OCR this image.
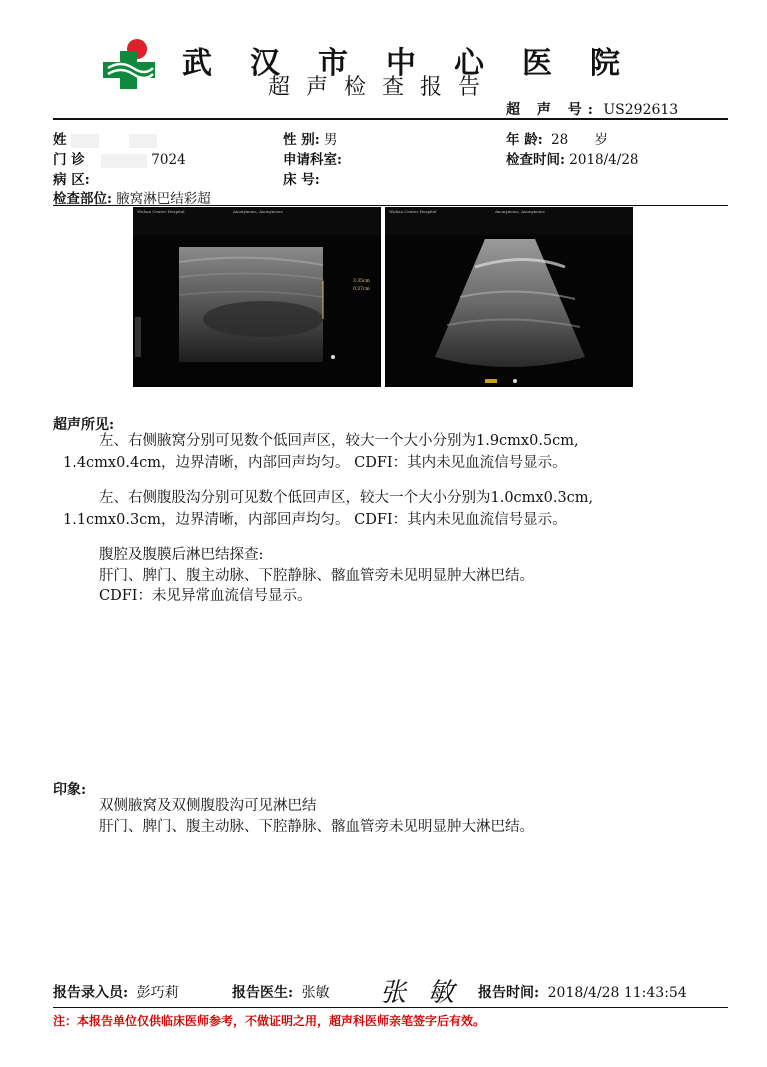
武汉市中心医院
超声检查报告
超 声 号: US292613
姓	性 别: 男	年 龄: 28 岁
门 诊	7024	申请科室:	检查时间: 2018/4/28
病 区:	床 号:
检查部位: 腋窝淋巴结彩超
Wuhan Center Hospital	Anonymous, Anonymous
3.35cm
0.37cm
Wuhan Center Hospital	Anonymous, Anonymous
超声所见:
左、右侧腋窝分别可见数个低回声区，较大一个大小分别为1.9cmx0.5cm,
1.4cmx0.4cm，边界清晰，内部回声均匀。 CDFI：其内未见血流信号显示。
左、右侧腹股沟分别可见数个低回声区，较大一个大小分别为1.0cmx0.3cm,
1.1cmx0.3cm，边界清晰，内部回声均匀。 CDFI：其内未见血流信号显示。
腹腔及腹膜后淋巴结探查:
肝门、脾门、腹主动脉、下腔静脉、髂血管旁未见明显肿大淋巴结。
CDFI：未见异常血流信号显示。
印象:
双侧腋窝及双侧腹股沟可见淋巴结
肝门、脾门、腹主动脉、下腔静脉、髂血管旁未见明显肿大淋巴结。
报告录入员: 彭巧莉	报告医生: 张敏 张敏 报告时间: 2018/4/28 11:43:54
注：本报告单位仅供临床医师参考，不做证明之用，超声科医师亲笔签字后有效。
